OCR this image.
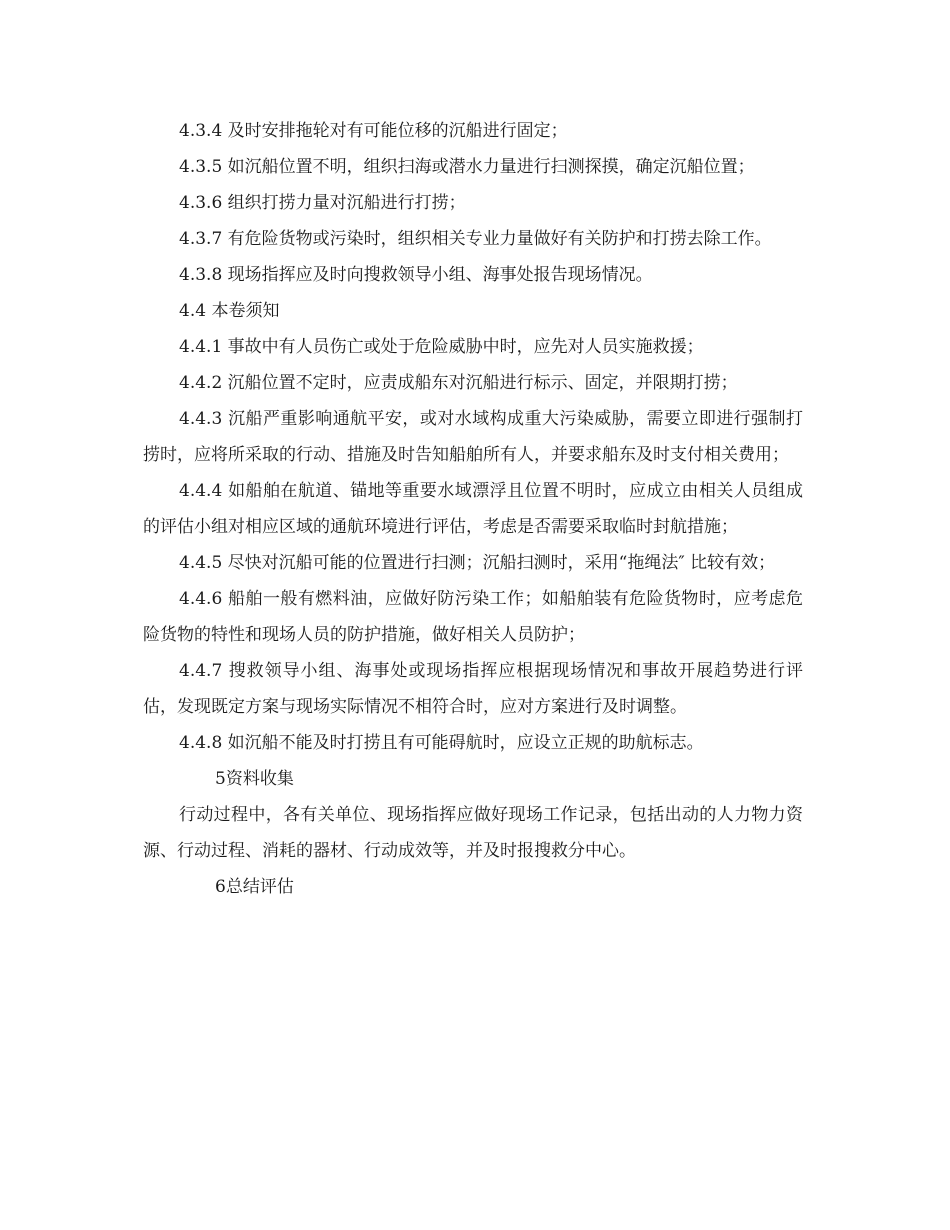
4.3.4 及时安排拖轮对有可能位移的沉船进行固定；

4.3.5 如沉船位置不明，组织扫海或潜水力量进行扫测探摸，确定沉船位置；

4.3.6 组织打捞力量对沉船进行打捞；

4.3.7 有危险货物或污染时，组织相关专业力量做好有关防护和打捞去除工作。

4.3.8 现场指挥应及时向搜救领导小组、海事处报告现场情况。

4.4 本卷须知

4.4.1 事故中有人员伤亡或处于危险威胁中时，应先对人员实施救援；

4.4.2 沉船位置不定时，应责成船东对沉船进行标示、固定，并限期打捞；

4.4.3 沉船严重影响通航平安，或对水域构成重大污染威胁，需要立即进行强制打捞时，应将所采取的行动、措施及时告知船舶所有人，并要求船东及时支付相关费用；

4.4.4 如船舶在航道、锚地等重要水域漂浮且位置不明时，应成立由相关人员组成的评估小组对相应区域的通航环境进行评估，考虑是否需要采取临时封航措施；

4.4.5 尽快对沉船可能的位置进行扫测；沉船扫测时，采用“拖绳法″ 比较有效；

4.4.6 船舶一般有燃料油，应做好防污染工作；如船舶装有危险货物时，应考虑危险货物的特性和现场人员的防护措施，做好相关人员防护；

4.4.7 搜救领导小组、海事处或现场指挥应根据现场情况和事故开展趋势进行评估，发现既定方案与现场实际情况不相符合时，应对方案进行及时调整。

4.4.8 如沉船不能及时打捞且有可能碍航时，应设立正规的助航标志。

5资料收集

行动过程中，各有关单位、现场指挥应做好现场工作记录，包括出动的人力物力资源、行动过程、消耗的器材、行动成效等，并及时报搜救分中心。

6总结评估
